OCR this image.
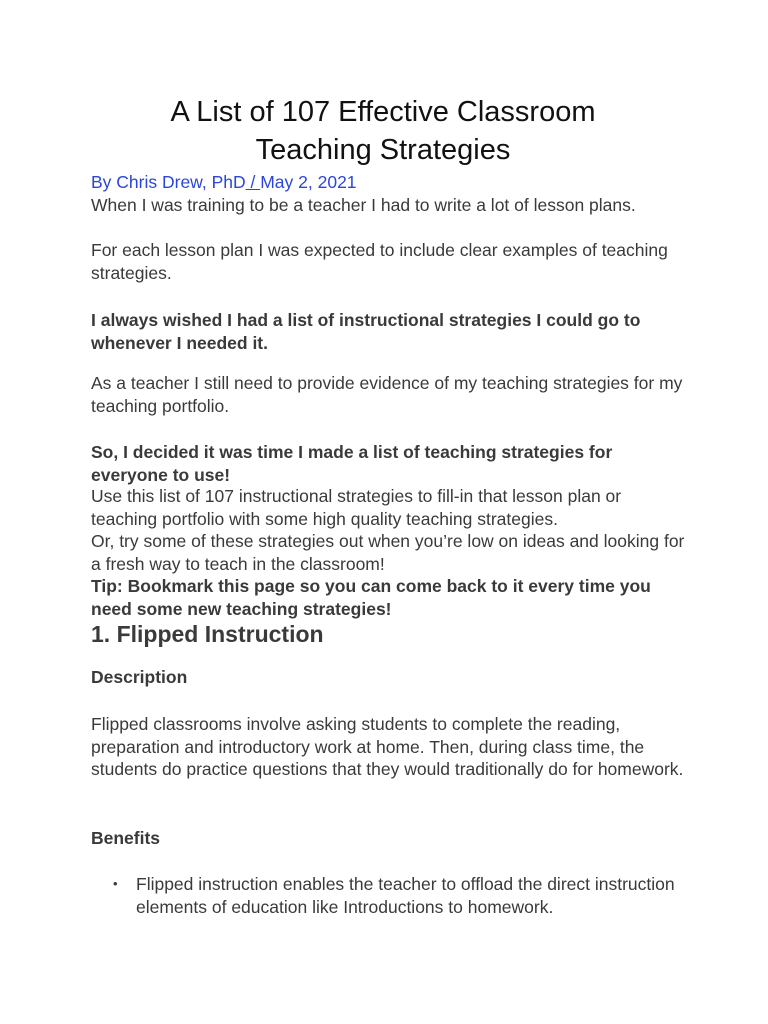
A List of 107 Effective Classroom
Teaching Strategies
By Chris Drew, PhD / May 2, 2021

When I was training to be a teacher I had to write a lot of lesson plans.

For each lesson plan I was expected to include clear examples of teaching strategies.

I always wished I had a list of instructional strategies I could go to whenever I needed it.

As a teacher I still need to provide evidence of my teaching strategies for my teaching portfolio.

So, I decided it was time I made a list of teaching strategies for everyone to use!

Use this list of 107 instructional strategies to fill-in that lesson plan or teaching portfolio with some high quality teaching strategies.

Or, try some of these strategies out when you’re low on ideas and looking for a fresh way to teach in the classroom!

Tip: Bookmark this page so you can come back to it every time you need some new teaching strategies!

1. Flipped Instruction
Description

Flipped classrooms involve asking students to complete the reading, preparation and introductory work at home. Then, during class time, the students do practice questions that they would traditionally do for homework.

Benefits
• Flipped instruction enables the teacher to offload the direct instruction elements of education like Introductions to homework.
